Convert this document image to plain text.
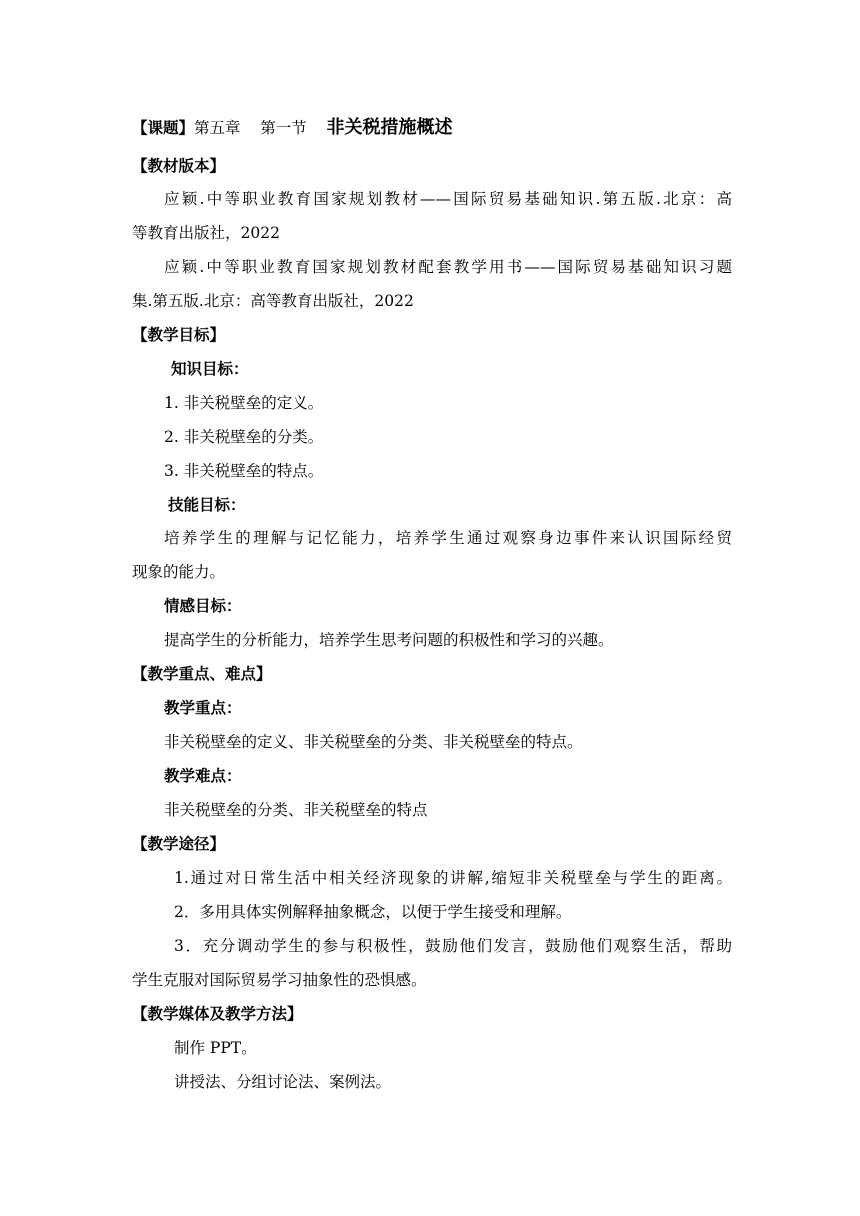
【课题】第五章 第一节 非关税措施概述
【教材版本】
应颖.中等职业教育国家规划教材——国际贸易基础知识.第五版.北京：高
等教育出版社，2022
应颖.中等职业教育国家规划教材配套教学用书——国际贸易基础知识习题
集.第五版.北京：高等教育出版社，2022
【教学目标】
知识目标：
1. 非关税壁垒的定义。
2. 非关税壁垒的分类。
3. 非关税壁垒的特点。
技能目标：
培养学生的理解与记忆能力，培养学生通过观察身边事件来认识国际经贸
现象的能力。
情感目标：
提高学生的分析能力，培养学生思考问题的积极性和学习的兴趣。
【教学重点、难点】
教学重点：
非关税壁垒的定义、非关税壁垒的分类、非关税壁垒的特点。
教学难点：
非关税壁垒的分类、非关税壁垒的特点
【教学途径】
1.通过对日常生活中相关经济现象的讲解,缩短非关税壁垒与学生的距离。
2．多用具体实例解释抽象概念，以便于学生接受和理解。
3．充分调动学生的参与积极性，鼓励他们发言，鼓励他们观察生活，帮助
学生克服对国际贸易学习抽象性的恐惧感。
【教学媒体及教学方法】
制作 PPT。
讲授法、分组讨论法、案例法。
